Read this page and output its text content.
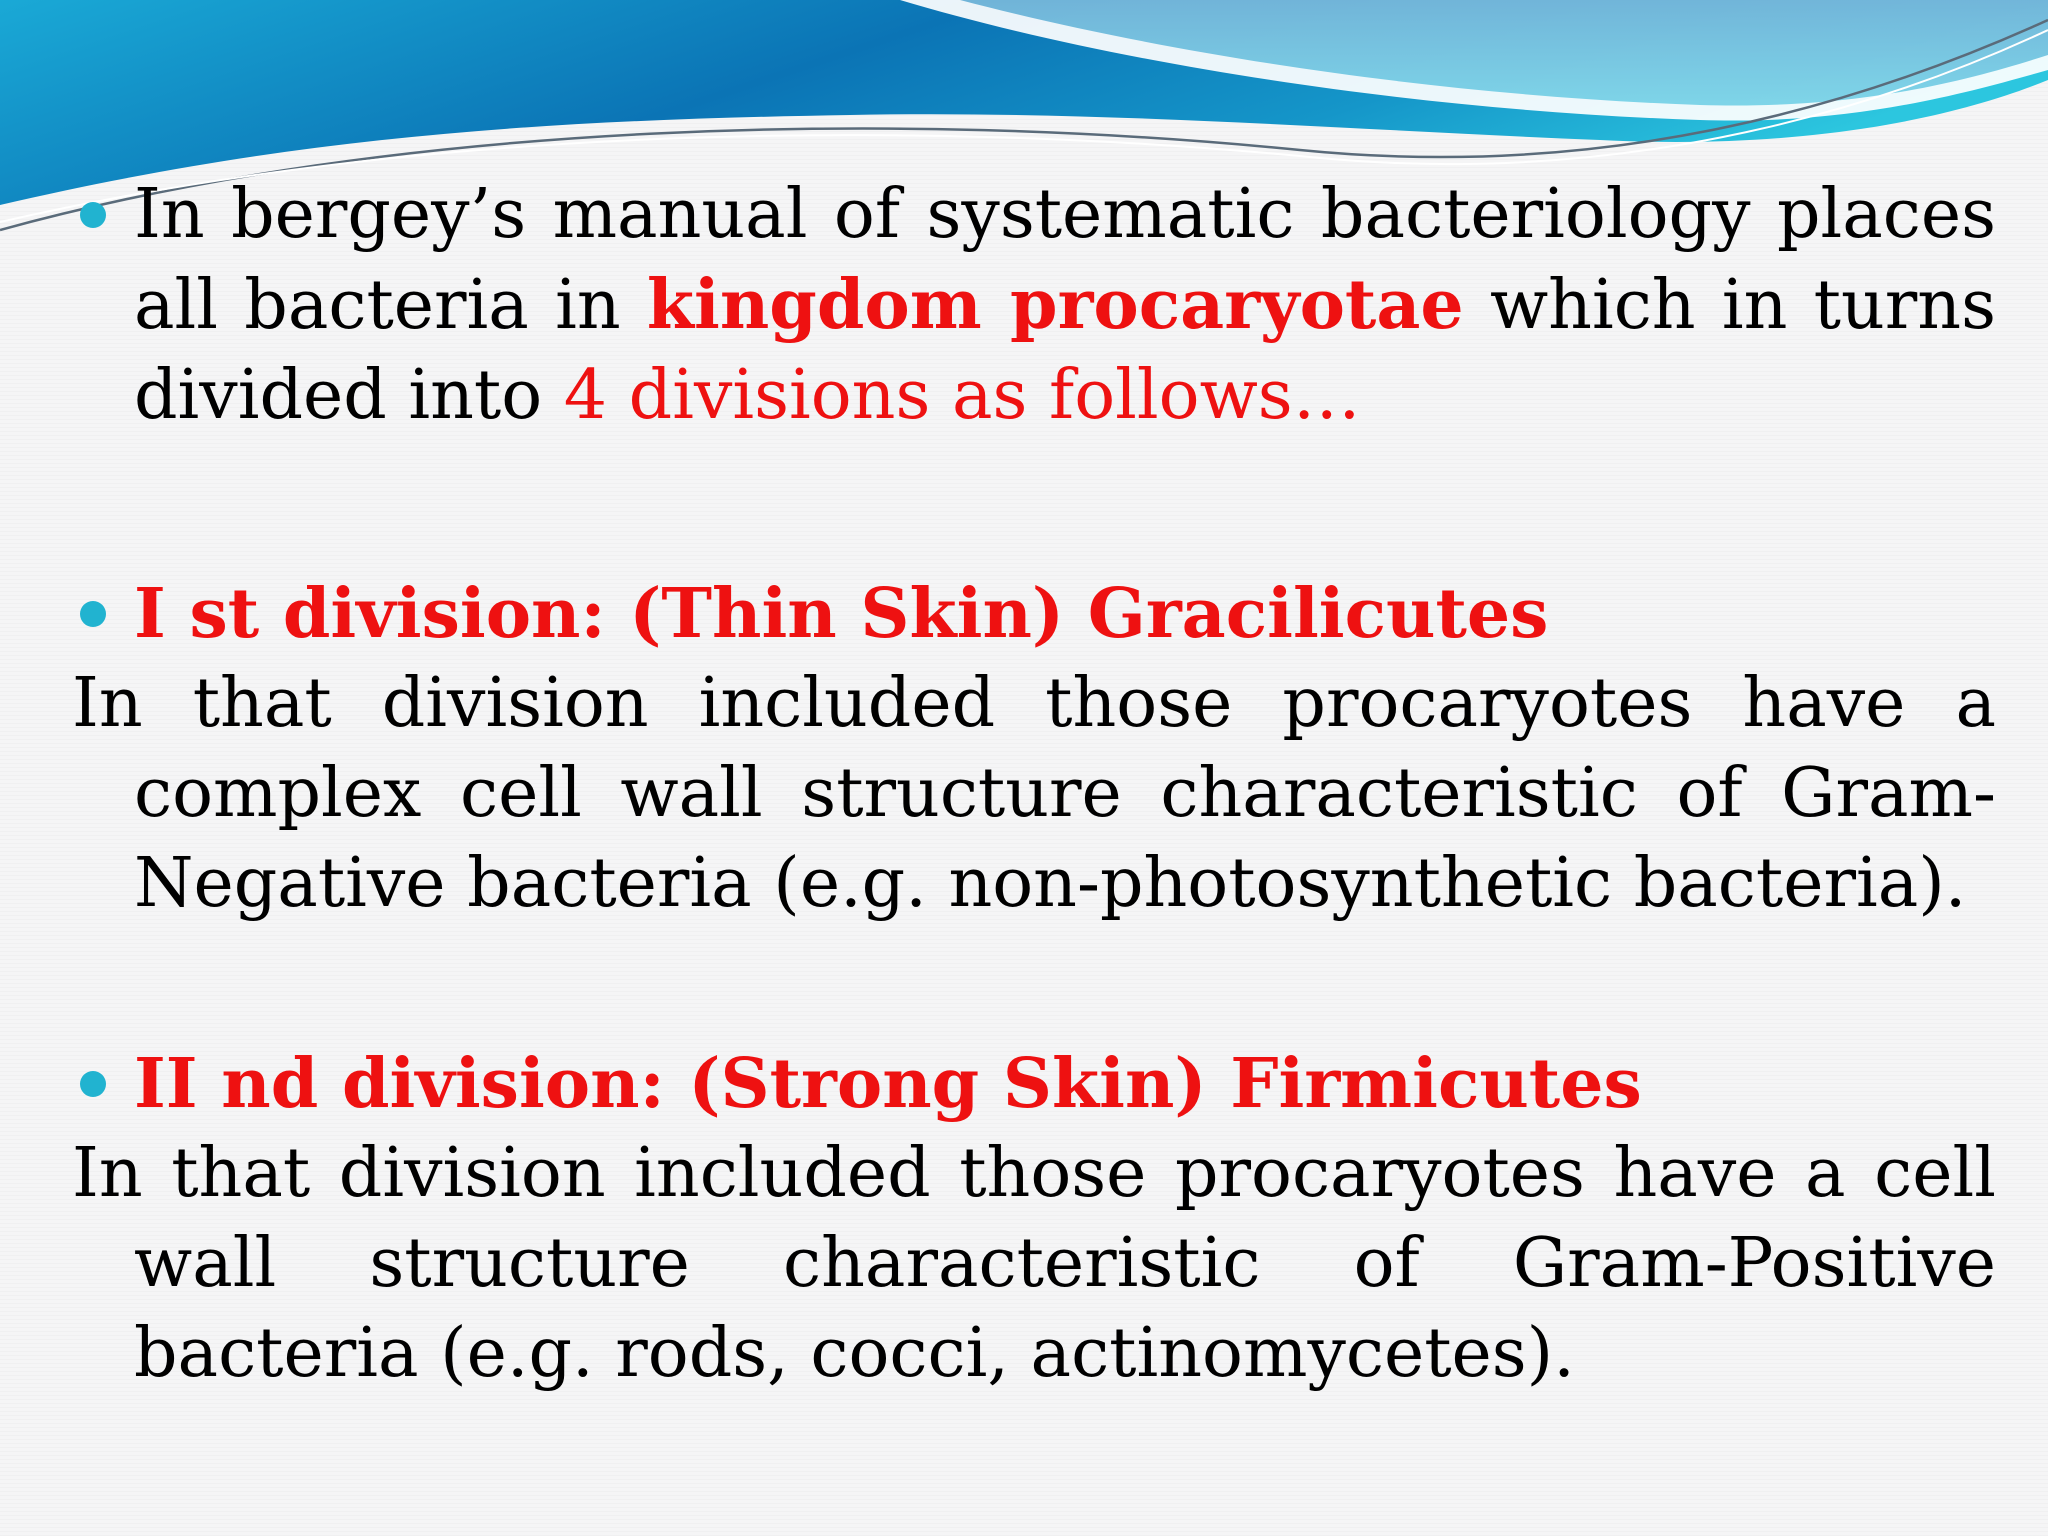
In bergey’s manual of systematic bacteriology places all bacteria in kingdom procaryotae which in turns divided into 4 divisions as follows…
I st division: (Thin Skin) Gracilicutes
In that division included those procaryotes have a complex cell wall structure characteristic of Gram-Negative bacteria (e.g. non-photosynthetic bacteria).
II nd division: (Strong Skin) Firmicutes
In that division included those procaryotes have a cell wall structure characteristic of Gram-Positive bacteria (e.g. rods, cocci, actinomycetes).
